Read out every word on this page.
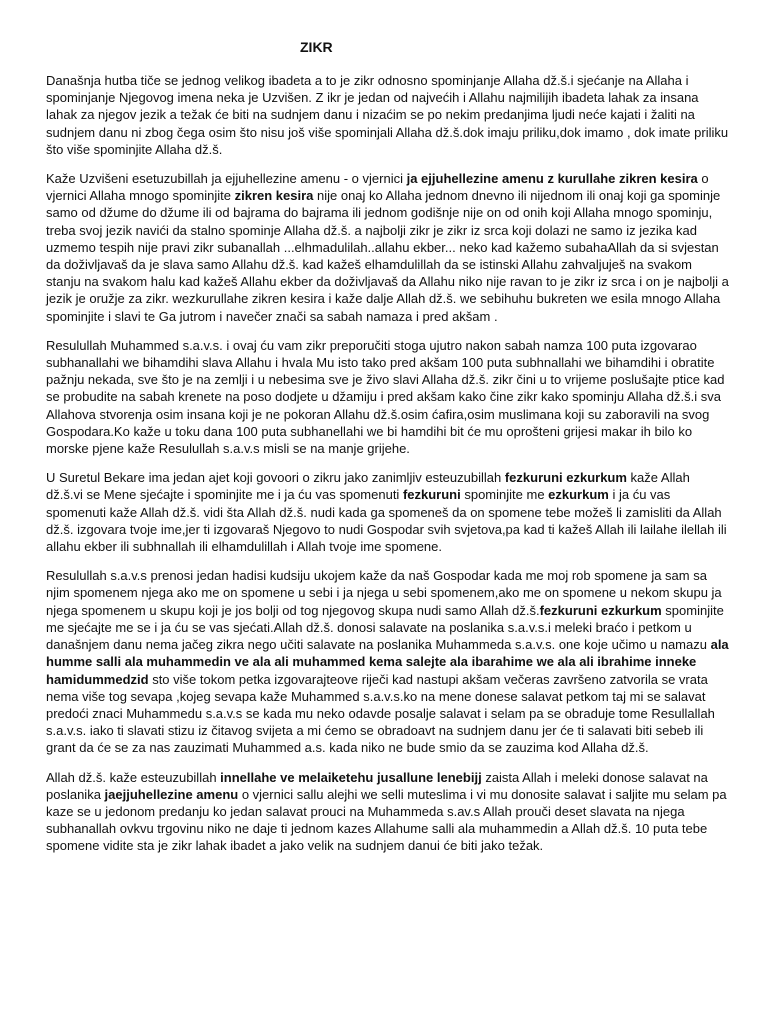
ZIKR

Današnja hutba tiče se jednog velikog ibadeta a to je zikr odnosno spominjanje Allaha dž.š.i sjećanje na Allaha i spominjanje Njegovog imena neka je Uzvišen. Z ikr je jedan od najvećih i Allahu najmilijih ibadeta lahak za insana lahak za njegov jezik a težak će biti na sudnjem danu i nizaćim se po nekim predanjima ljudi neće kajati i žaliti na sudnjem danu ni zbog čega osim što nisu još više spominjali Allaha dž.š.dok imaju priliku,dok imamo , dok imate priliku što više spominjite Allaha dž.š.

Kaže Uzvišeni esetuzubillah ja ejjuhellezine amenu - o vjernici ja ejjuhellezine amenu z kurullahe zikren kesira o vjernici Allaha mnogo spominjite zikren kesira nije onaj ko Allaha jednom dnevno ili nijednom ili onaj koji ga spominje samo od džume do džume ili od bajrama do bajrama ili jednom godišnje nije on od onih koji Allaha mnogo spominju, treba svoj jezik navići da stalno spominje Allaha dž.š. a najbolji zikr je zikr iz srca koji dolazi ne samo iz jezika kad uzmemo tespih nije pravi zikr subanallah ...elhmadulilah..allahu ekber... neko kad kažemo subahaAllah da si svjestan da doživljavaš da je slava samo Allahu dž.š. kad kažeš elhamdulillah da se istinski Allahu zahvaljuješ na svakom stanju na svakom halu kad kažeš Allahu ekber da doživljavaš da Allahu niko nije ravan to je zikr iz srca i on je najbolji a jezik je oružje za zikr. wezkurullahe zikren kesira i kaže dalje Allah dž.š. we sebihuhu bukreten we esila mnogo Allaha spominjite i slavi te Ga jutrom i navečer znači sa sabah namaza i pred akšam .

Resulullah Muhammed s.a.v.s. i ovaj ću vam zikr preporučiti stoga ujutro nakon sabah namza 100 puta izgovarao subhanallahi we bihamdihi slava Allahu i hvala Mu isto tako pred akšam 100 puta subhnallahi we bihamdihi i obratite pažnju nekada, sve što je na zemlji i u nebesima sve je živo slavi Allaha dž.š. zikr čini u to vrijeme poslušajte ptice kad se probudite na sabah krenete na poso dodjete u džamiju i pred akšam kako čine zikr kako spominju Allaha dž.š.i sva Allahova stvorenja osim insana koji je ne pokoran Allahu dž.š.osim ćafira,osim muslimana koji su zaboravili na svog Gospodara.Ko kaže u toku dana 100 puta subhanellahi we bi hamdihi bit će mu oprošteni grijesi makar ih bilo ko morske pjene kaže Resulullah s.a.v.s misli se na manje grijehe.

U Suretul Bekare ima jedan ajet koji govoori o zikru jako zanimljiv esteuzubillah fezkuruni ezkurkum kaže Allah dž.š.vi se Mene sjećajte i spominjite me i ja ću vas spomenuti fezkuruni spominjite me ezkurkum i ja ću vas spomenuti kaže Allah dž.š. vidi šta Allah dž.š. nudi kada ga spomeneš da on spomene tebe možeš li zamisliti da Allah dž.š. izgovara tvoje ime,jer ti izgovaraš Njegovo to nudi Gospodar svih svjetova,pa kad ti kažeš Allah ili lailahe ilellah ili allahu ekber ili subhnallah ili elhamdulillah i Allah tvoje ime spomene.

Resulullah s.a.v.s prenosi jedan hadisi kudsiju ukojem kaže da naš Gospodar kada me moj rob spomene ja sam sa njim spomenem njega ako me on spomene u sebi i ja njega u sebi spomenem,ako me on spomene u nekom skupu ja njega spomenem u skupu koji je jos bolji od tog njegovog skupa nudi samo Allah dž.š.fezkuruni ezkurkum spominjite me sjećajte me se i ja ću se vas sjećati.Allah dž.š. donosi salavate na poslanika s.a.v.s.i meleki braćo i petkom u današnjem danu nema jačeg zikra nego učiti salavate na poslanika Muhammeda s.a.v.s. one koje učimo u namazu ala humme salli ala muhammedin ve ala ali muhammed kema salejte ala ibarahime we ala ali ibrahime inneke hamidummedzid sto više tokom petka izgovarajteove riječi kad nastupi akšam večeras završeno zatvorila se vrata nema više tog sevapa ,kojeg sevapa kaže Muhammed s.a.v.s.ko na mene donese salavat petkom taj mi se salavat predoći znaci Muhammedu s.a.v.s se kada mu neko odavde posalje salavat i selam pa se obraduje tome Resullallah s.a.v.s. iako ti slavati stizu iz čitavog svijeta a mi ćemo se obradoavt na sudnjem danu jer će ti salavati biti sebeb ili grant da će se za nas zauzimati Muhammed a.s. kada niko ne bude smio da se zauzima kod Allaha dž.š.

Allah dž.š. kaže esteuzubillah innellahe ve melaiketehu jusallune lenebijj zaista Allah i meleki donose salavat na poslanika jaejjuhellezine amenu o vjernici sallu alejhi we selli muteslima i vi mu donosite salavat i saljite mu selam pa kaze se u jedonom predanju ko jedan salavat prouci na Muhammeda s.av.s Allah prouči deset slavata na njega subhanallah ovkvu trgovinu niko ne daje ti jednom kazes Allahume salli ala muhammedin a Allah dž.š. 10 puta tebe spomene vidite sta je zikr lahak ibadet a jako velik na sudnjem danui će biti jako težak.
